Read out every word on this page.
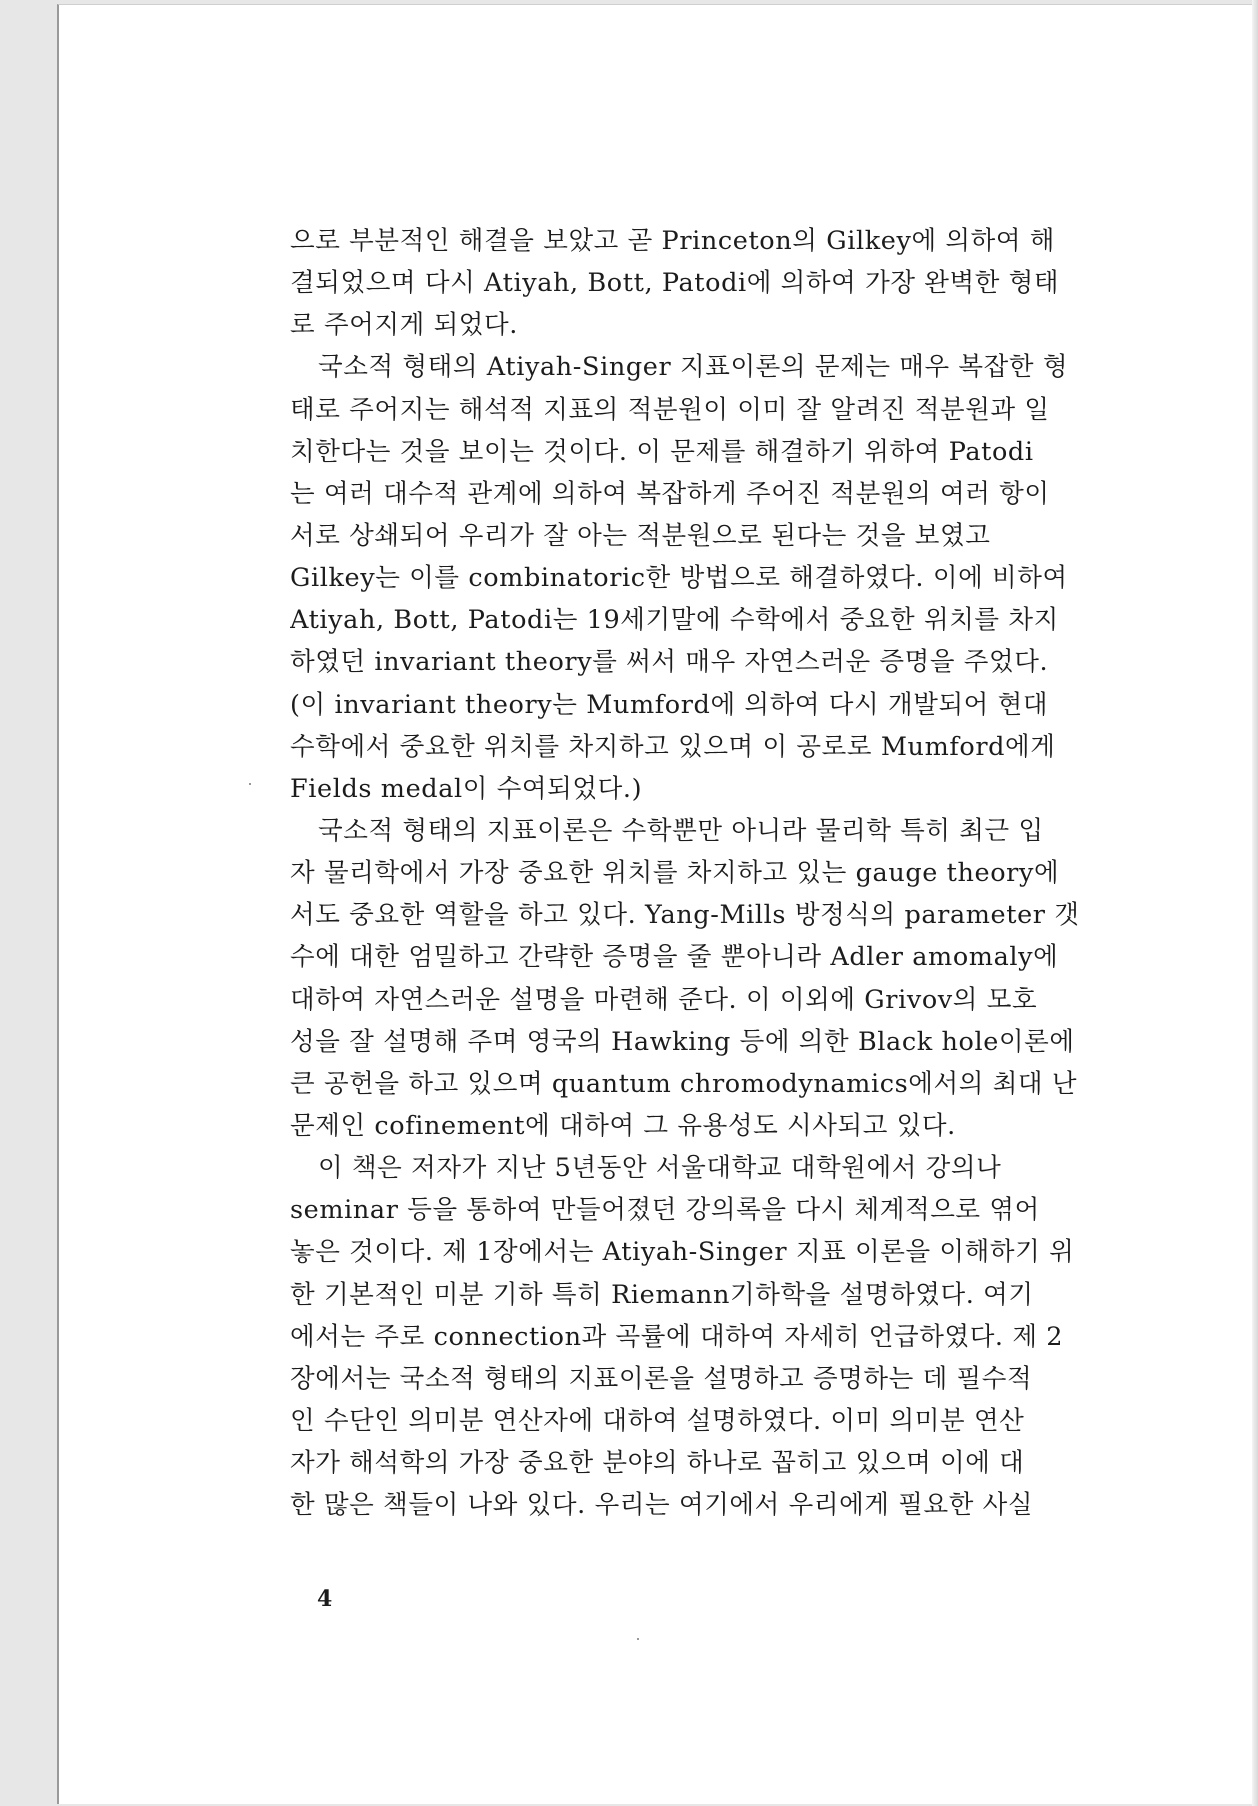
으로 부분적인 해결을 보았고 곧 Princeton의 Gilkey에 의하여 해
결되었으며 다시 Atiyah, Bott, Patodi에 의하여 가장 완벽한 형태
로 주어지게 되었다.
국소적 형태의 Atiyah-Singer 지표이론의 문제는 매우 복잡한 형
태로 주어지는 해석적 지표의 적분원이 이미 잘 알려진 적분원과 일
치한다는 것을 보이는 것이다. 이 문제를 해결하기 위하여 Patodi
는 여러 대수적 관계에 의하여 복잡하게 주어진 적분원의 여러 항이
서로 상쇄되어 우리가 잘 아는 적분원으로 된다는 것을 보였고
Gilkey는 이를 combinatoric한 방법으로 해결하였다. 이에 비하여
Atiyah, Bott, Patodi는 19세기말에 수학에서 중요한 위치를 차지
하였던 invariant theory를 써서 매우 자연스러운 증명을 주었다.
(이 invariant theory는 Mumford에 의하여 다시 개발되어 현대
수학에서 중요한 위치를 차지하고 있으며 이 공로로 Mumford에게
Fields medal이 수여되었다.)
국소적 형태의 지표이론은 수학뿐만 아니라 물리학 특히 최근 입
자 물리학에서 가장 중요한 위치를 차지하고 있는 gauge theory에
서도 중요한 역할을 하고 있다. Yang-Mills 방정식의 parameter 갯
수에 대한 엄밀하고 간략한 증명을 줄 뿐아니라 Adler amomaly에
대하여 자연스러운 설명을 마련해 준다. 이 이외에 Grivov의 모호
성을 잘 설명해 주며 영국의 Hawking 등에 의한 Black hole이론에
큰 공헌을 하고 있으며 quantum chromodynamics에서의 최대 난
문제인 cofinement에 대하여 그 유용성도 시사되고 있다.
이 책은 저자가 지난 5년동안 서울대학교 대학원에서 강의나
seminar 등을 통하여 만들어졌던 강의록을 다시 체계적으로 엮어
놓은 것이다. 제 1장에서는 Atiyah-Singer 지표 이론을 이해하기 위
한 기본적인 미분 기하 특히 Riemann기하학을 설명하였다. 여기
에서는 주로 connection과 곡률에 대하여 자세히 언급하였다. 제 2
장에서는 국소적 형태의 지표이론을 설명하고 증명하는 데 필수적
인 수단인 의미분 연산자에 대하여 설명하였다. 이미 의미분 연산
자가 해석학의 가장 중요한 분야의 하나로 꼽히고 있으며 이에 대
한 많은 책들이 나와 있다. 우리는 여기에서 우리에게 필요한 사실
4
